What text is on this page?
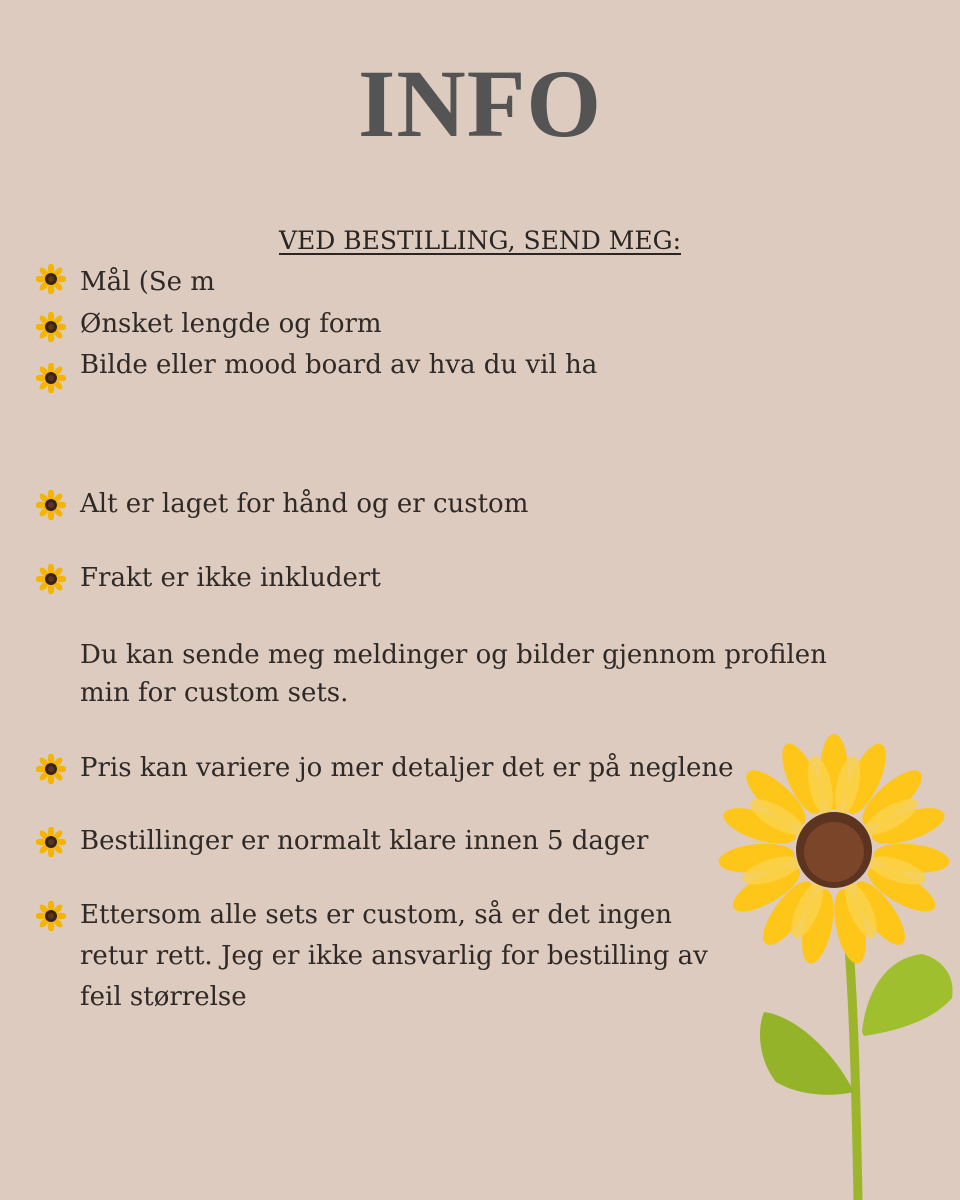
INFO
VED BESTILLING, SEND MEG:
Mål (Se m
Ønsket lengde og form
Bilde eller mood board av hva du vil ha
Alt er laget for hånd og er custom
Frakt er ikke inkludert
Du kan sende meg meldinger og bilder gjennom profilen
min for custom sets.
Pris kan variere jo mer detaljer det er på neglene
Bestillinger er normalt klare innen 5 dager
Ettersom alle sets er custom, så er det ingen
retur rett. Jeg er ikke ansvarlig for bestilling av
feil størrelse
